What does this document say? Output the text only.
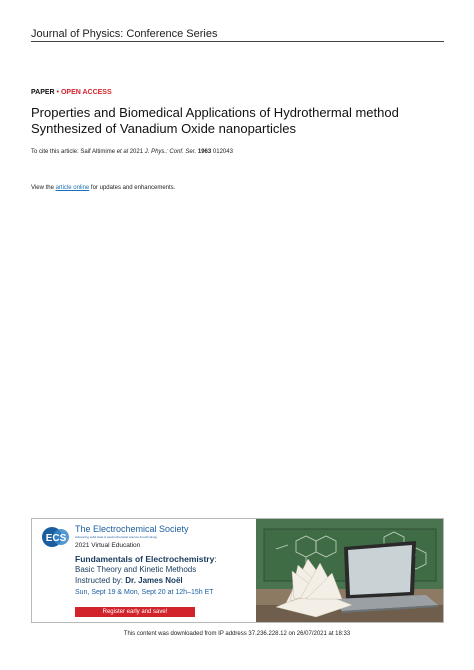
Journal of Physics: Conference Series
PAPER • OPEN ACCESS
Properties and Biomedical Applications of Hydrothermal method Synthesized of Vanadium Oxide nanoparticles
To cite this article: Saif Altimime et al 2021 J. Phys.: Conf. Ser. 1963 012043
View the article online for updates and enhancements.
ECS
The Electrochemical Society
Advancing solid state & electrochemical science & technology
2021 Virtual Education
Fundamentals of Electrochemistry:
Basic Theory and Kinetic Methods
Instructed by: Dr. James Noël
Sun, Sept 19 & Mon, Sept 20 at 12h–15h ET
Register early and save!
This content was downloaded from IP address 37.236.228.12 on 26/07/2021 at 18:33
